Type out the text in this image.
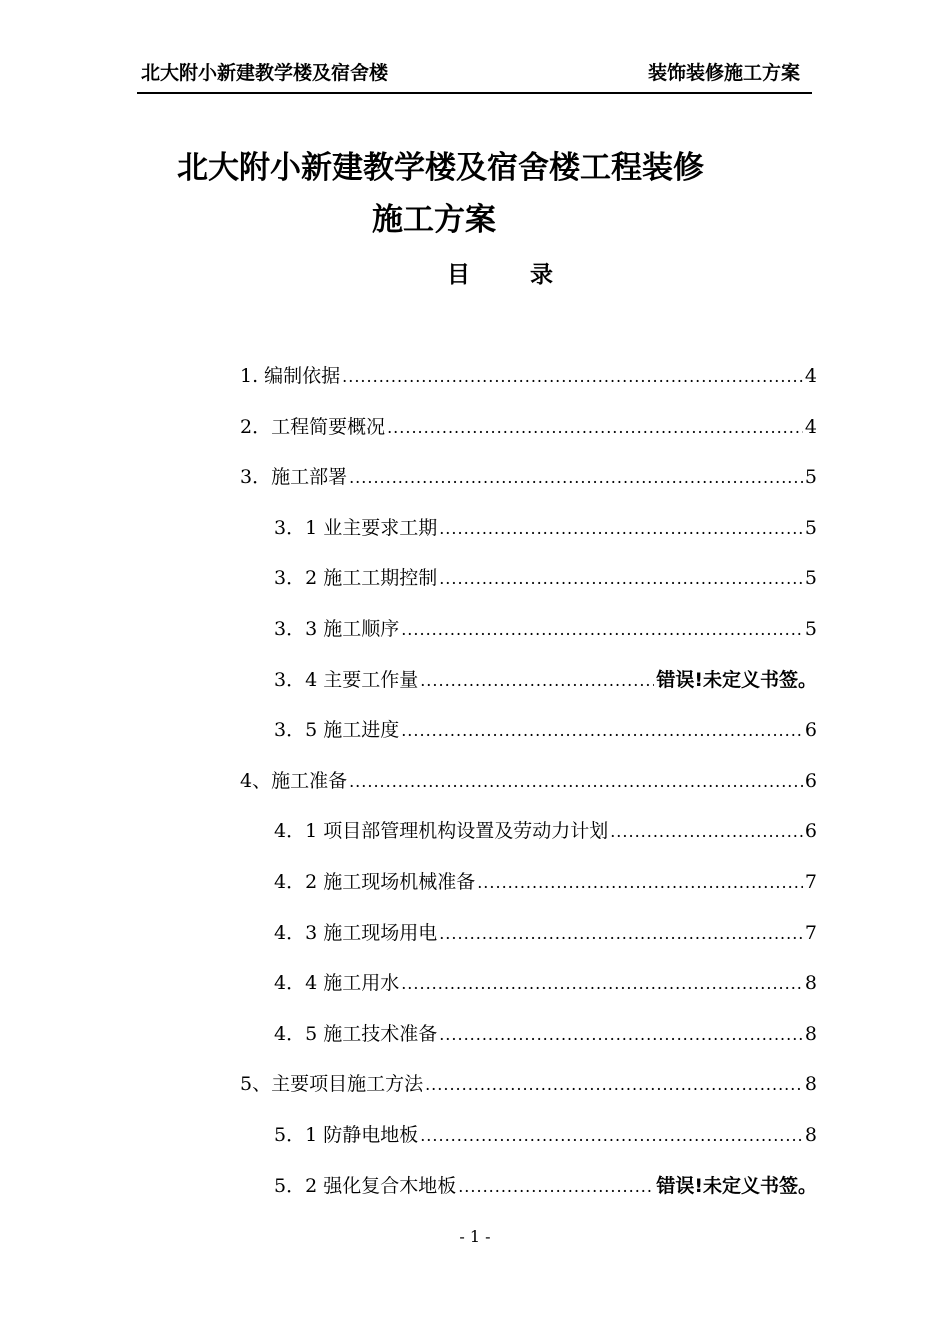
北大附小新建教学楼及宿舍楼	装饰装修施工方案
北大附小新建教学楼及宿舍楼工程装修
施工方案
目 录
1. 编制依据 .....	4
2．工程简要概况 .....	4
3．施工部署 .....	5
3．1 业主要求工期 .....	5
3．2 施工工期控制 .....	5
3．3 施工顺序 .....	5
3．4 主要工作量 .....	错误!未定义书签。
3．5 施工进度 .....	6
4、施工准备 .....	6
4．1 项目部管理机构设置及劳动力计划 .....	6
4．2 施工现场机械准备 .....	7
4．3 施工现场用电 .....	7
4．4 施工用水 .....	8
4．5 施工技术准备 .....	8
5、主要项目施工方法 .....	8
5．1 防静电地板 .....	8
5．2 强化复合木地板 .....	错误!未定义书签。
- 1 -
